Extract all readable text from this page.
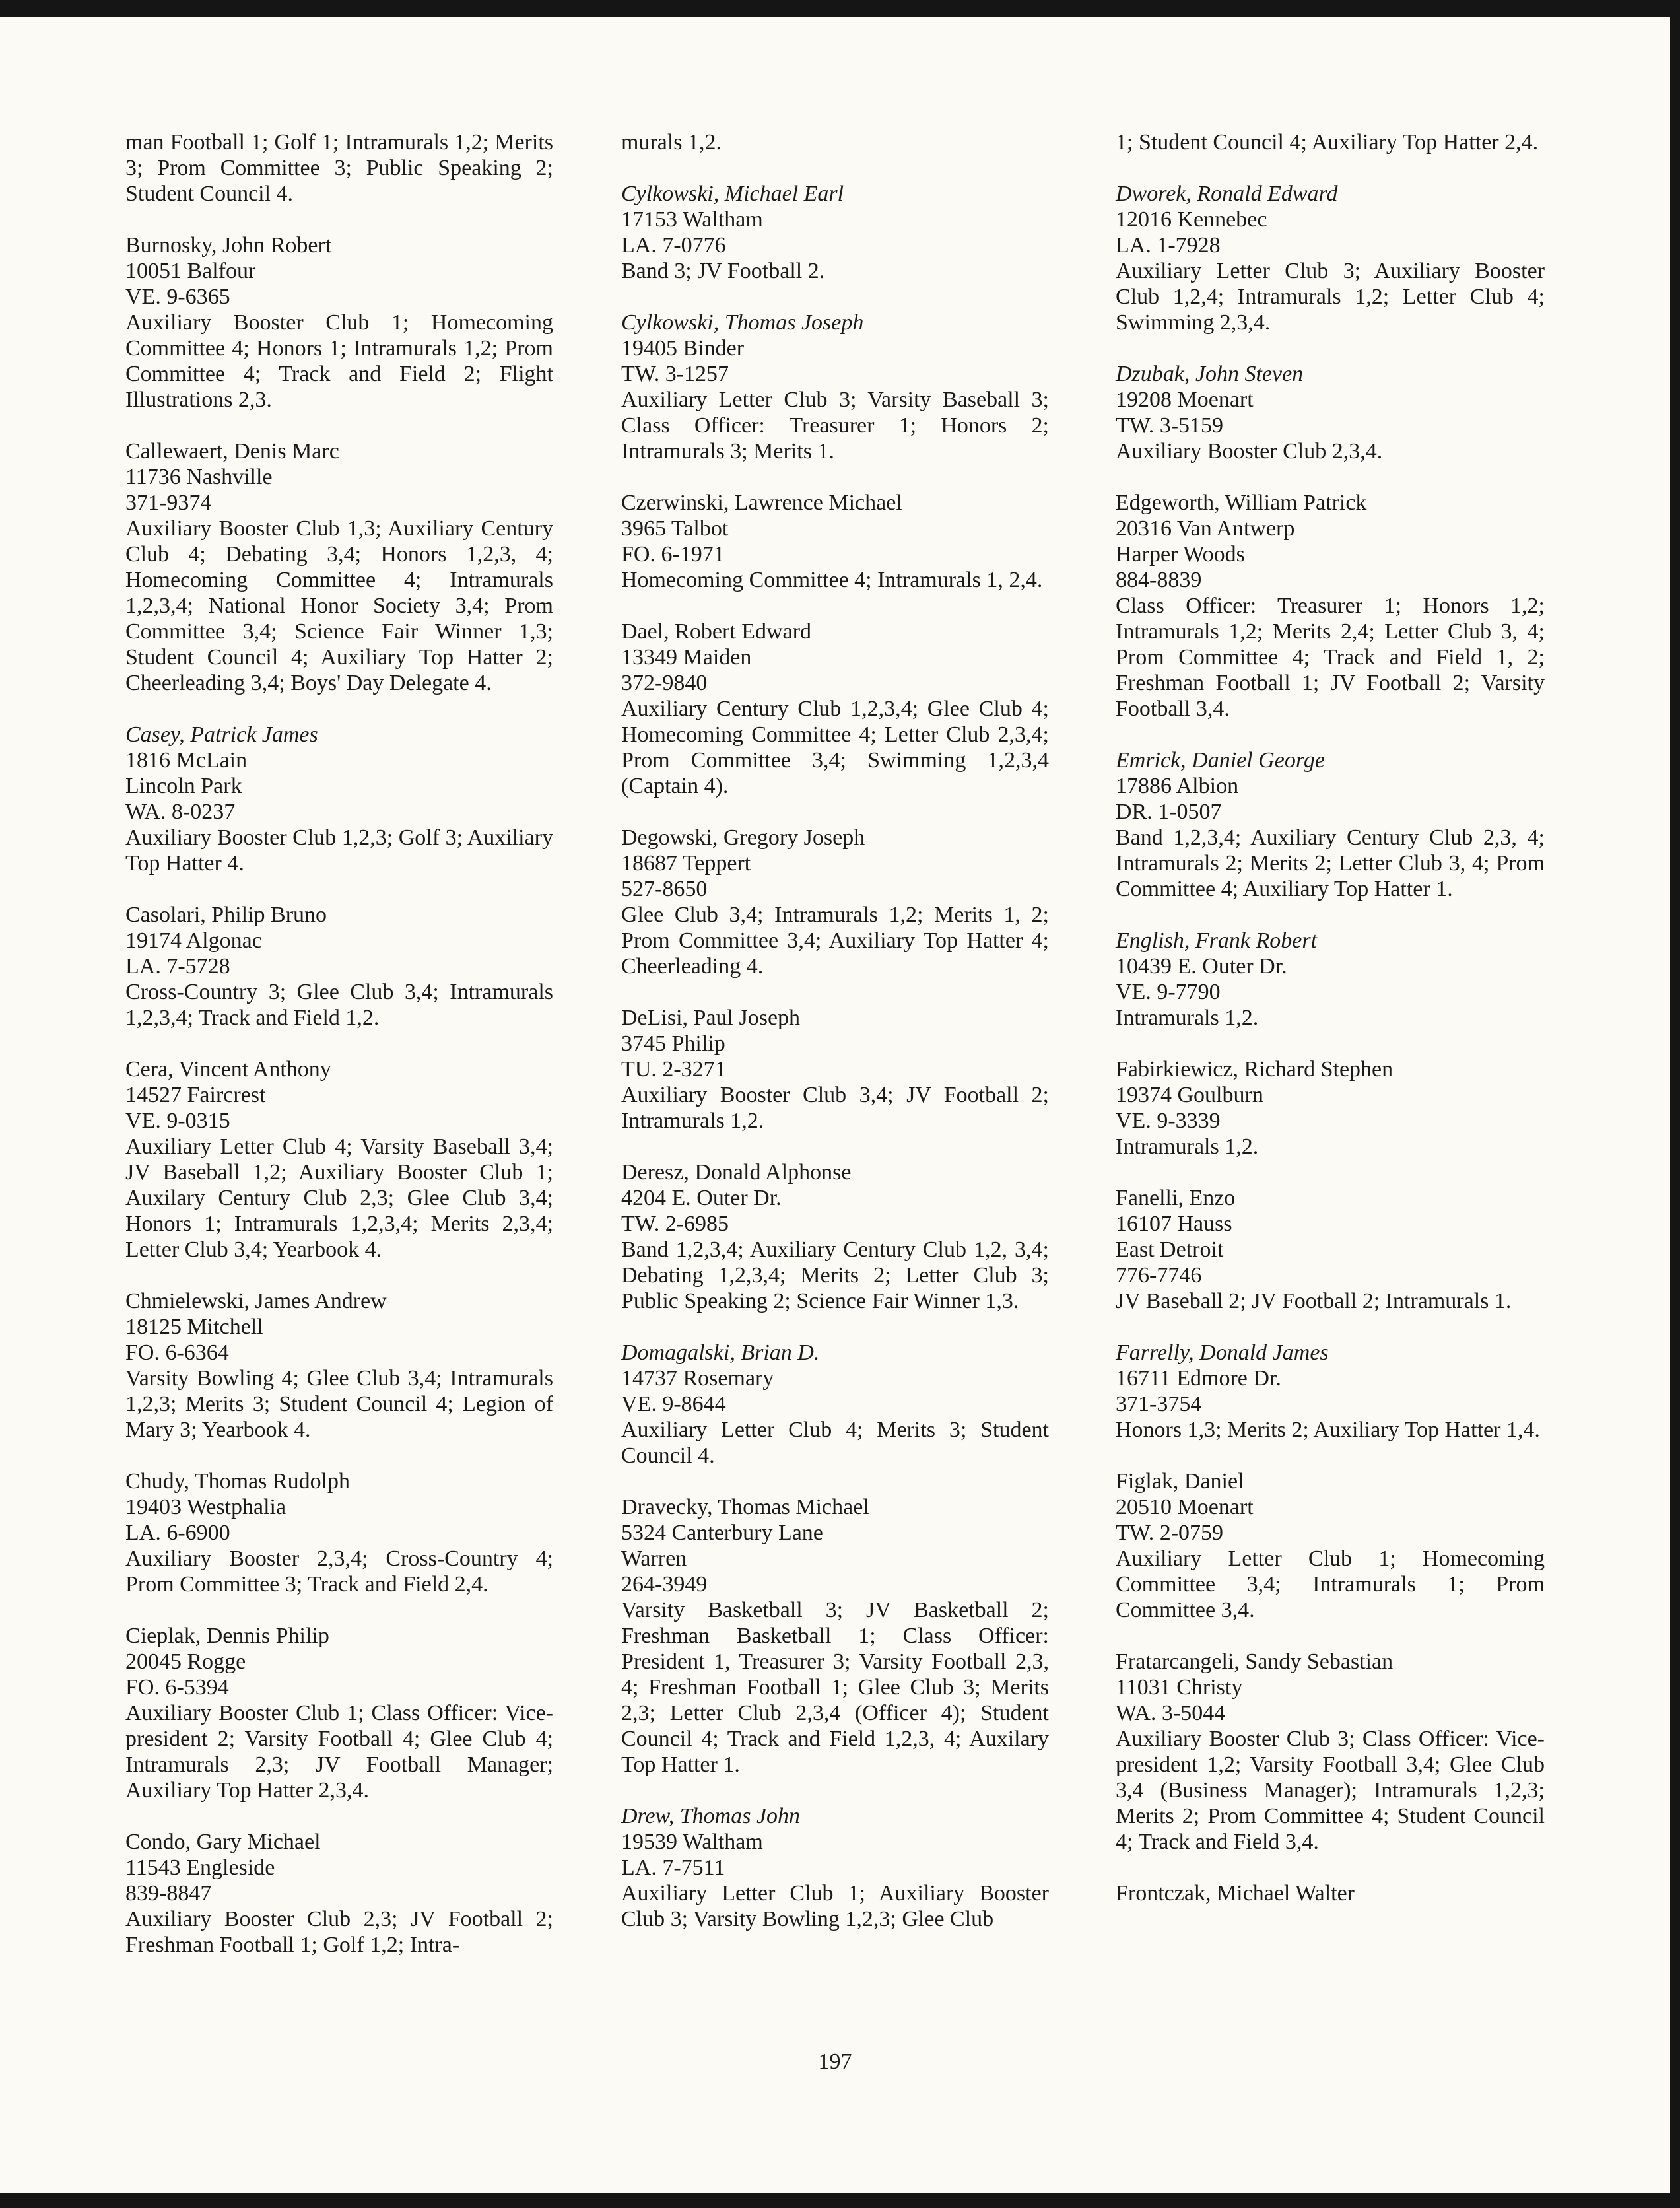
man Football 1; Golf 1; Intramurals 1,2; Merits 3; Prom Committee 3; Public Speaking 2; Student Council 4.
Burnosky, John Robert
10051 Balfour
VE. 9-6365
Auxiliary Booster Club 1; Homecoming Committee 4; Honors 1; Intramurals 1,2; Prom Committee 4; Track and Field 2; Flight Illustrations 2,3.
Callewaert, Denis Marc
11736 Nashville
371-9374
Auxiliary Booster Club 1,3; Auxiliary Century Club 4; Debating 3,4; Honors 1,2,3, 4; Homecoming Committee 4; Intramurals 1,2,3,4; National Honor Society 3,4; Prom Committee 3,4; Science Fair Winner 1,3; Student Council 4; Auxiliary Top Hatter 2; Cheerleading 3,4; Boys' Day Delegate 4.
Casey, Patrick James
1816 McLain
Lincoln Park
WA. 8-0237
Auxiliary Booster Club 1,2,3; Golf 3; Auxiliary Top Hatter 4.
Casolari, Philip Bruno
19174 Algonac
LA. 7-5728
Cross-Country 3; Glee Club 3,4; Intramurals 1,2,3,4; Track and Field 1,2.
Cera, Vincent Anthony
14527 Faircrest
VE. 9-0315
Auxiliary Letter Club 4; Varsity Baseball 3,4; JV Baseball 1,2; Auxiliary Booster Club 1; Auxilary Century Club 2,3; Glee Club 3,4; Honors 1; Intramurals 1,2,3,4; Merits 2,3,4; Letter Club 3,4; Yearbook 4.
Chmielewski, James Andrew
18125 Mitchell
FO. 6-6364
Varsity Bowling 4; Glee Club 3,4; Intramurals 1,2,3; Merits 3; Student Council 4; Legion of Mary 3; Yearbook 4.
Chudy, Thomas Rudolph
19403 Westphalia
LA. 6-6900
Auxiliary Booster 2,3,4; Cross-Country 4; Prom Committee 3; Track and Field 2,4.
Cieplak, Dennis Philip
20045 Rogge
FO. 6-5394
Auxiliary Booster Club 1; Class Officer: Vice-president 2; Varsity Football 4; Glee Club 4; Intramurals 2,3; JV Football Manager; Auxiliary Top Hatter 2,3,4.
Condo, Gary Michael
11543 Engleside
839-8847
Auxiliary Booster Club 2,3; JV Football 2; Freshman Football 1; Golf 1,2; Intra-
murals 1,2.
Cylkowski, Michael Earl
17153 Waltham
LA. 7-0776
Band 3; JV Football 2.
Cylkowski, Thomas Joseph
19405 Binder
TW. 3-1257
Auxiliary Letter Club 3; Varsity Baseball 3; Class Officer: Treasurer 1; Honors 2; Intramurals 3; Merits 1.
Czerwinski, Lawrence Michael
3965 Talbot
FO. 6-1971
Homecoming Committee 4; Intramurals 1, 2,4.
Dael, Robert Edward
13349 Maiden
372-9840
Auxiliary Century Club 1,2,3,4; Glee Club 4; Homecoming Committee 4; Letter Club 2,3,4; Prom Committee 3,4; Swimming 1,2,3,4 (Captain 4).
Degowski, Gregory Joseph
18687 Teppert
527-8650
Glee Club 3,4; Intramurals 1,2; Merits 1, 2; Prom Committee 3,4; Auxiliary Top Hatter 4; Cheerleading 4.
DeLisi, Paul Joseph
3745 Philip
TU. 2-3271
Auxiliary Booster Club 3,4; JV Football 2; Intramurals 1,2.
Deresz, Donald Alphonse
4204 E. Outer Dr.
TW. 2-6985
Band 1,2,3,4; Auxiliary Century Club 1,2, 3,4; Debating 1,2,3,4; Merits 2; Letter Club 3; Public Speaking 2; Science Fair Winner 1,3.
Domagalski, Brian D.
14737 Rosemary
VE. 9-8644
Auxiliary Letter Club 4; Merits 3; Student Council 4.
Dravecky, Thomas Michael
5324 Canterbury Lane
Warren
264-3949
Varsity Basketball 3; JV Basketball 2; Freshman Basketball 1; Class Officer: President 1, Treasurer 3; Varsity Football 2,3, 4; Freshman Football 1; Glee Club 3; Merits 2,3; Letter Club 2,3,4 (Officer 4); Student Council 4; Track and Field 1,2,3, 4; Auxilary Top Hatter 1.
Drew, Thomas John
19539 Waltham
LA. 7-7511
Auxiliary Letter Club 1; Auxiliary Booster Club 3; Varsity Bowling 1,2,3; Glee Club
1; Student Council 4; Auxiliary Top Hatter 2,4.
Dworek, Ronald Edward
12016 Kennebec
LA. 1-7928
Auxiliary Letter Club 3; Auxiliary Booster Club 1,2,4; Intramurals 1,2; Letter Club 4; Swimming 2,3,4.
Dzubak, John Steven
19208 Moenart
TW. 3-5159
Auxiliary Booster Club 2,3,4.
Edgeworth, William Patrick
20316 Van Antwerp
Harper Woods
884-8839
Class Officer: Treasurer 1; Honors 1,2; Intramurals 1,2; Merits 2,4; Letter Club 3, 4; Prom Committee 4; Track and Field 1, 2; Freshman Football 1; JV Football 2; Varsity Football 3,4.
Emrick, Daniel George
17886 Albion
DR. 1-0507
Band 1,2,3,4; Auxiliary Century Club 2,3, 4; Intramurals 2; Merits 2; Letter Club 3, 4; Prom Committee 4; Auxiliary Top Hatter 1.
English, Frank Robert
10439 E. Outer Dr.
VE. 9-7790
Intramurals 1,2.
Fabirkiewicz, Richard Stephen
19374 Goulburn
VE. 9-3339
Intramurals 1,2.
Fanelli, Enzo
16107 Hauss
East Detroit
776-7746
JV Baseball 2; JV Football 2; Intramurals 1.
Farrelly, Donald James
16711 Edmore Dr.
371-3754
Honors 1,3; Merits 2; Auxiliary Top Hatter 1,4.
Figlak, Daniel
20510 Moenart
TW. 2-0759
Auxiliary Letter Club 1; Homecoming Committee 3,4; Intramurals 1; Prom Committee 3,4.
Fratarcangeli, Sandy Sebastian
11031 Christy
WA. 3-5044
Auxiliary Booster Club 3; Class Officer: Vice-president 1,2; Varsity Football 3,4; Glee Club 3,4 (Business Manager); Intramurals 1,2,3; Merits 2; Prom Committee 4; Student Council 4; Track and Field 3,4.
Frontczak, Michael Walter
197
